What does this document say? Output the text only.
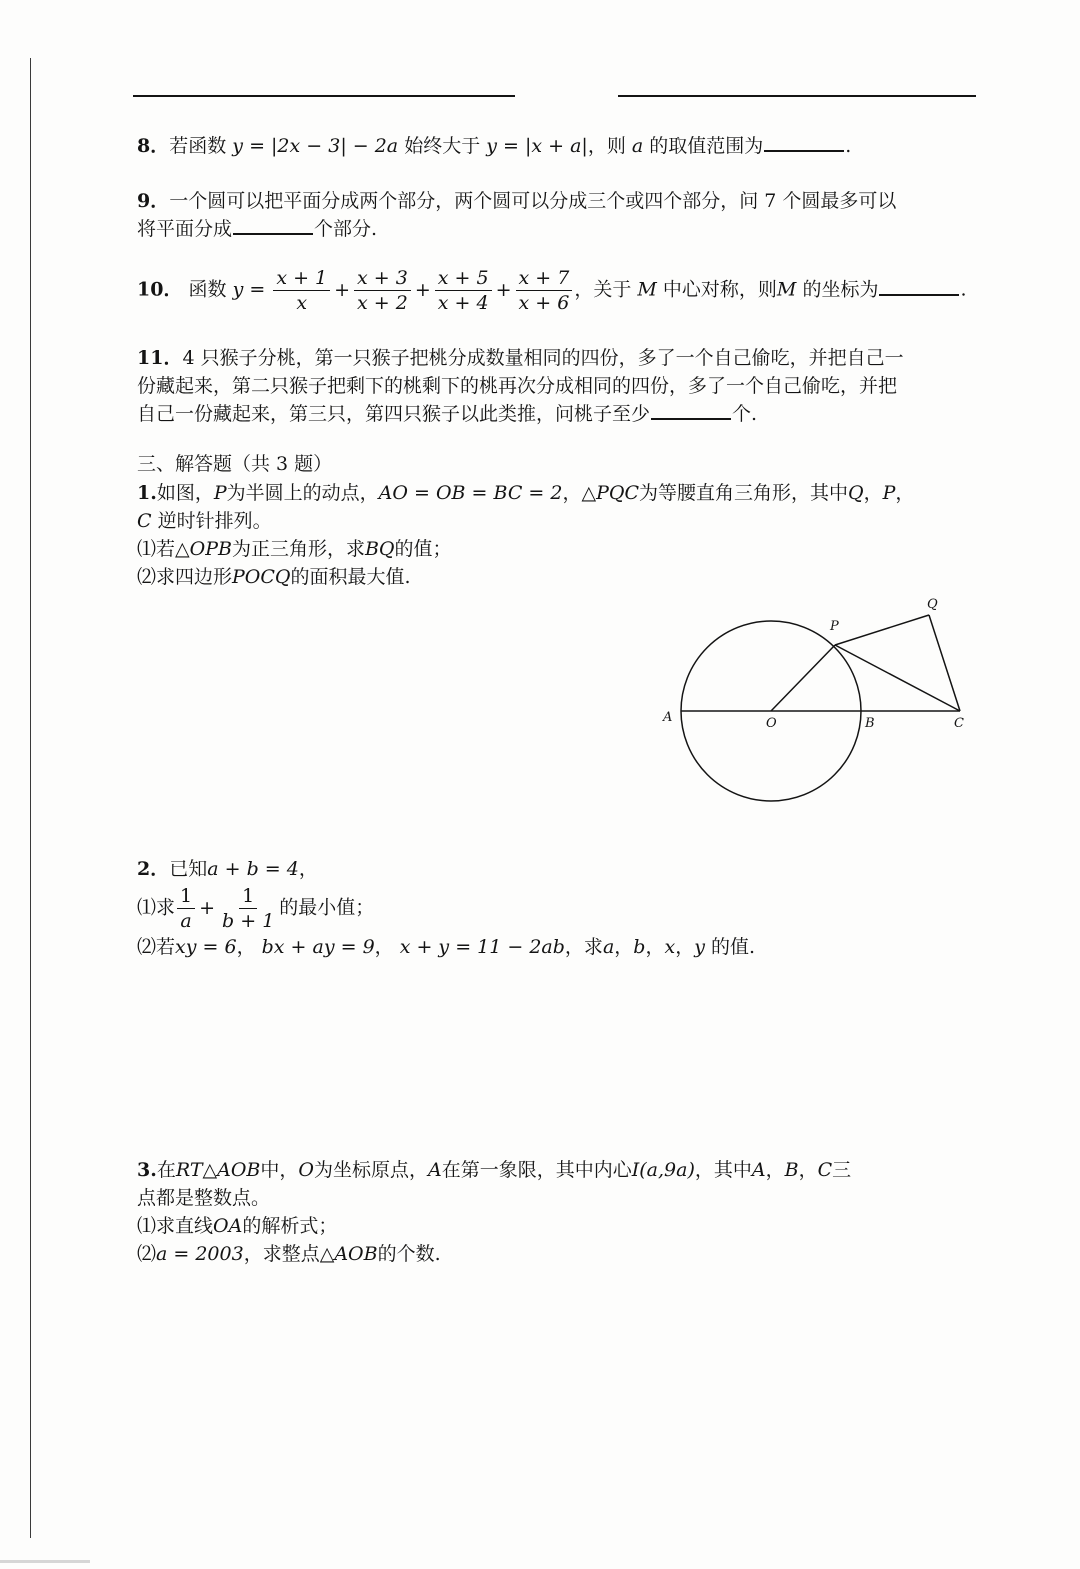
8．若函数 y = |2x − 3| − 2a 始终大于 y = |x + a|，则 a 的取值范围为	.
9．一个圆可以把平面分成两个部分，两个圆可以分成三个或四个部分，问 7 个圆最多可以
将平面分成	个部分.
10． 函数 $y = \frac{x + 1}{x} + \frac{x + 3}{x + 2} + \frac{x + 5}{x + 4} + \frac{x + 7}{x + 6}$ ，关于 M 中心对称，则M 的坐标为	.
11．4 只猴子分桃，第一只猴子把桃分成数量相同的四份，多了一个自己偷吃，并把自己一
份藏起来，第二只猴子把剩下的桃剩下的桃再次分成相同的四份，多了一个自己偷吃，并把
自己一份藏起来，第三只，第四只猴子以此类推，问桃子至少	个.
三、解答题（共 3 题）
1.如图，P为半圆上的动点，AO = OB = BC = 2，△PQC为等腰直角三角形，其中Q，P，
C 逆时针排列。
⑴若△OPB为正三角形，求BQ的值；
⑵求四边形POCQ的面积最大值.
A	O	B	C
P
Q
2．已知a + b = 4，
⑴求 $\frac{1}{a} + \frac{1}{b + 1}$ 的最小值；
⑵若xy = 6， bx + ay = 9， x + y = 11 − 2ab，求a，b，x，y 的值.
3.在RT△AOB中，O为坐标原点，A在第一象限，其中内心I(a,9a)，其中A，B，C三
点都是整数点。
⑴求直线OA的解析式；
⑵a = 2003，求整点△AOB的个数.
